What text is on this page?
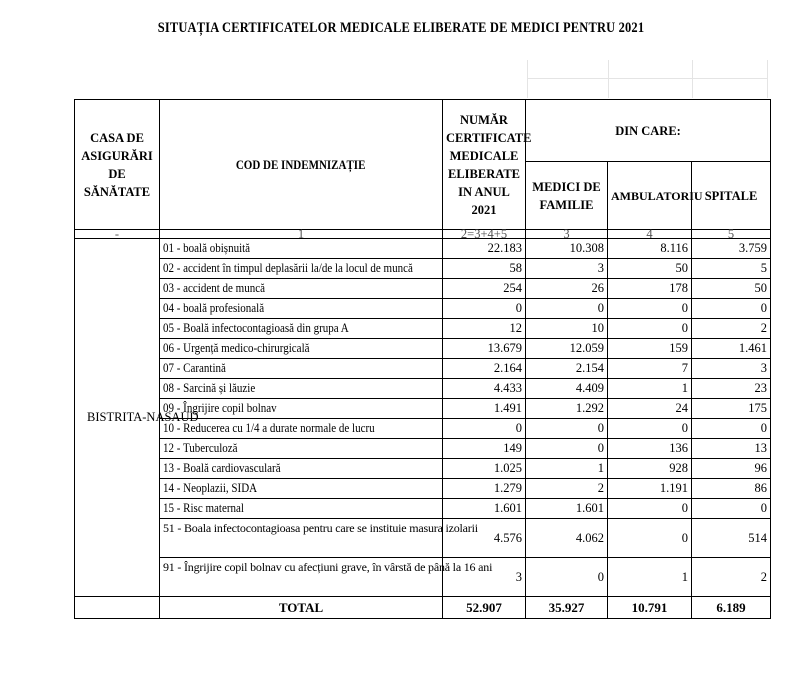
SITUAȚIA CERTIFICATELOR MEDICALE ELIBERATE DE MEDICI PENTRU 2021
CASA DE ASIGURĂRI DE SĂNĂTATE	COD DE INDEMNIZAȚIE	NUMĂR CERTIFICATE MEDICALE ELIBERATE IN ANUL 2021	DIN CARE:		
			MEDICI DE FAMILIE	AMBULATORIU	SPITALE
-	1	2=3+4+5	3	4	5
BISTRITA-NASAUD	01 - boală obișnuită	22.183	10.308	8.116	3.759
	02 - accident în timpul deplasării la/de la locul de muncă	58	3	50	5
	03 - accident de muncă	254	26	178	50
	04 - boală profesională	0	0	0	0
	05 - Boală infectocontagioasă din grupa A	12	10	0	2
	06 - Urgență medico-chirurgicală	13.679	12.059	159	1.461
	07 - Carantină	2.164	2.154	7	3
	08 - Sarcină și lăuzie	4.433	4.409	1	23
	09 - Îngrijire copil bolnav	1.491	1.292	24	175
	10 - Reducerea cu 1/4 a durate normale de lucru	0	0	0	0
	12 - Tuberculoză	149	0	136	13
	13 - Boală cardiovasculară	1.025	1	928	96
	14 - Neoplazii, SIDA	1.279	2	1.191	86
	15 - Risc maternal	1.601	1.601	0	0

	51 - Boala infectocontagioasa pentru care se instituie masura izolarii	4.576	4.062	0	514

	91 - Îngrijire copil bolnav cu afecțiuni grave, în vârstă de până la 16 ani	3	0	1	2
	TOTAL	52.907	35.927	10.791	6.189
